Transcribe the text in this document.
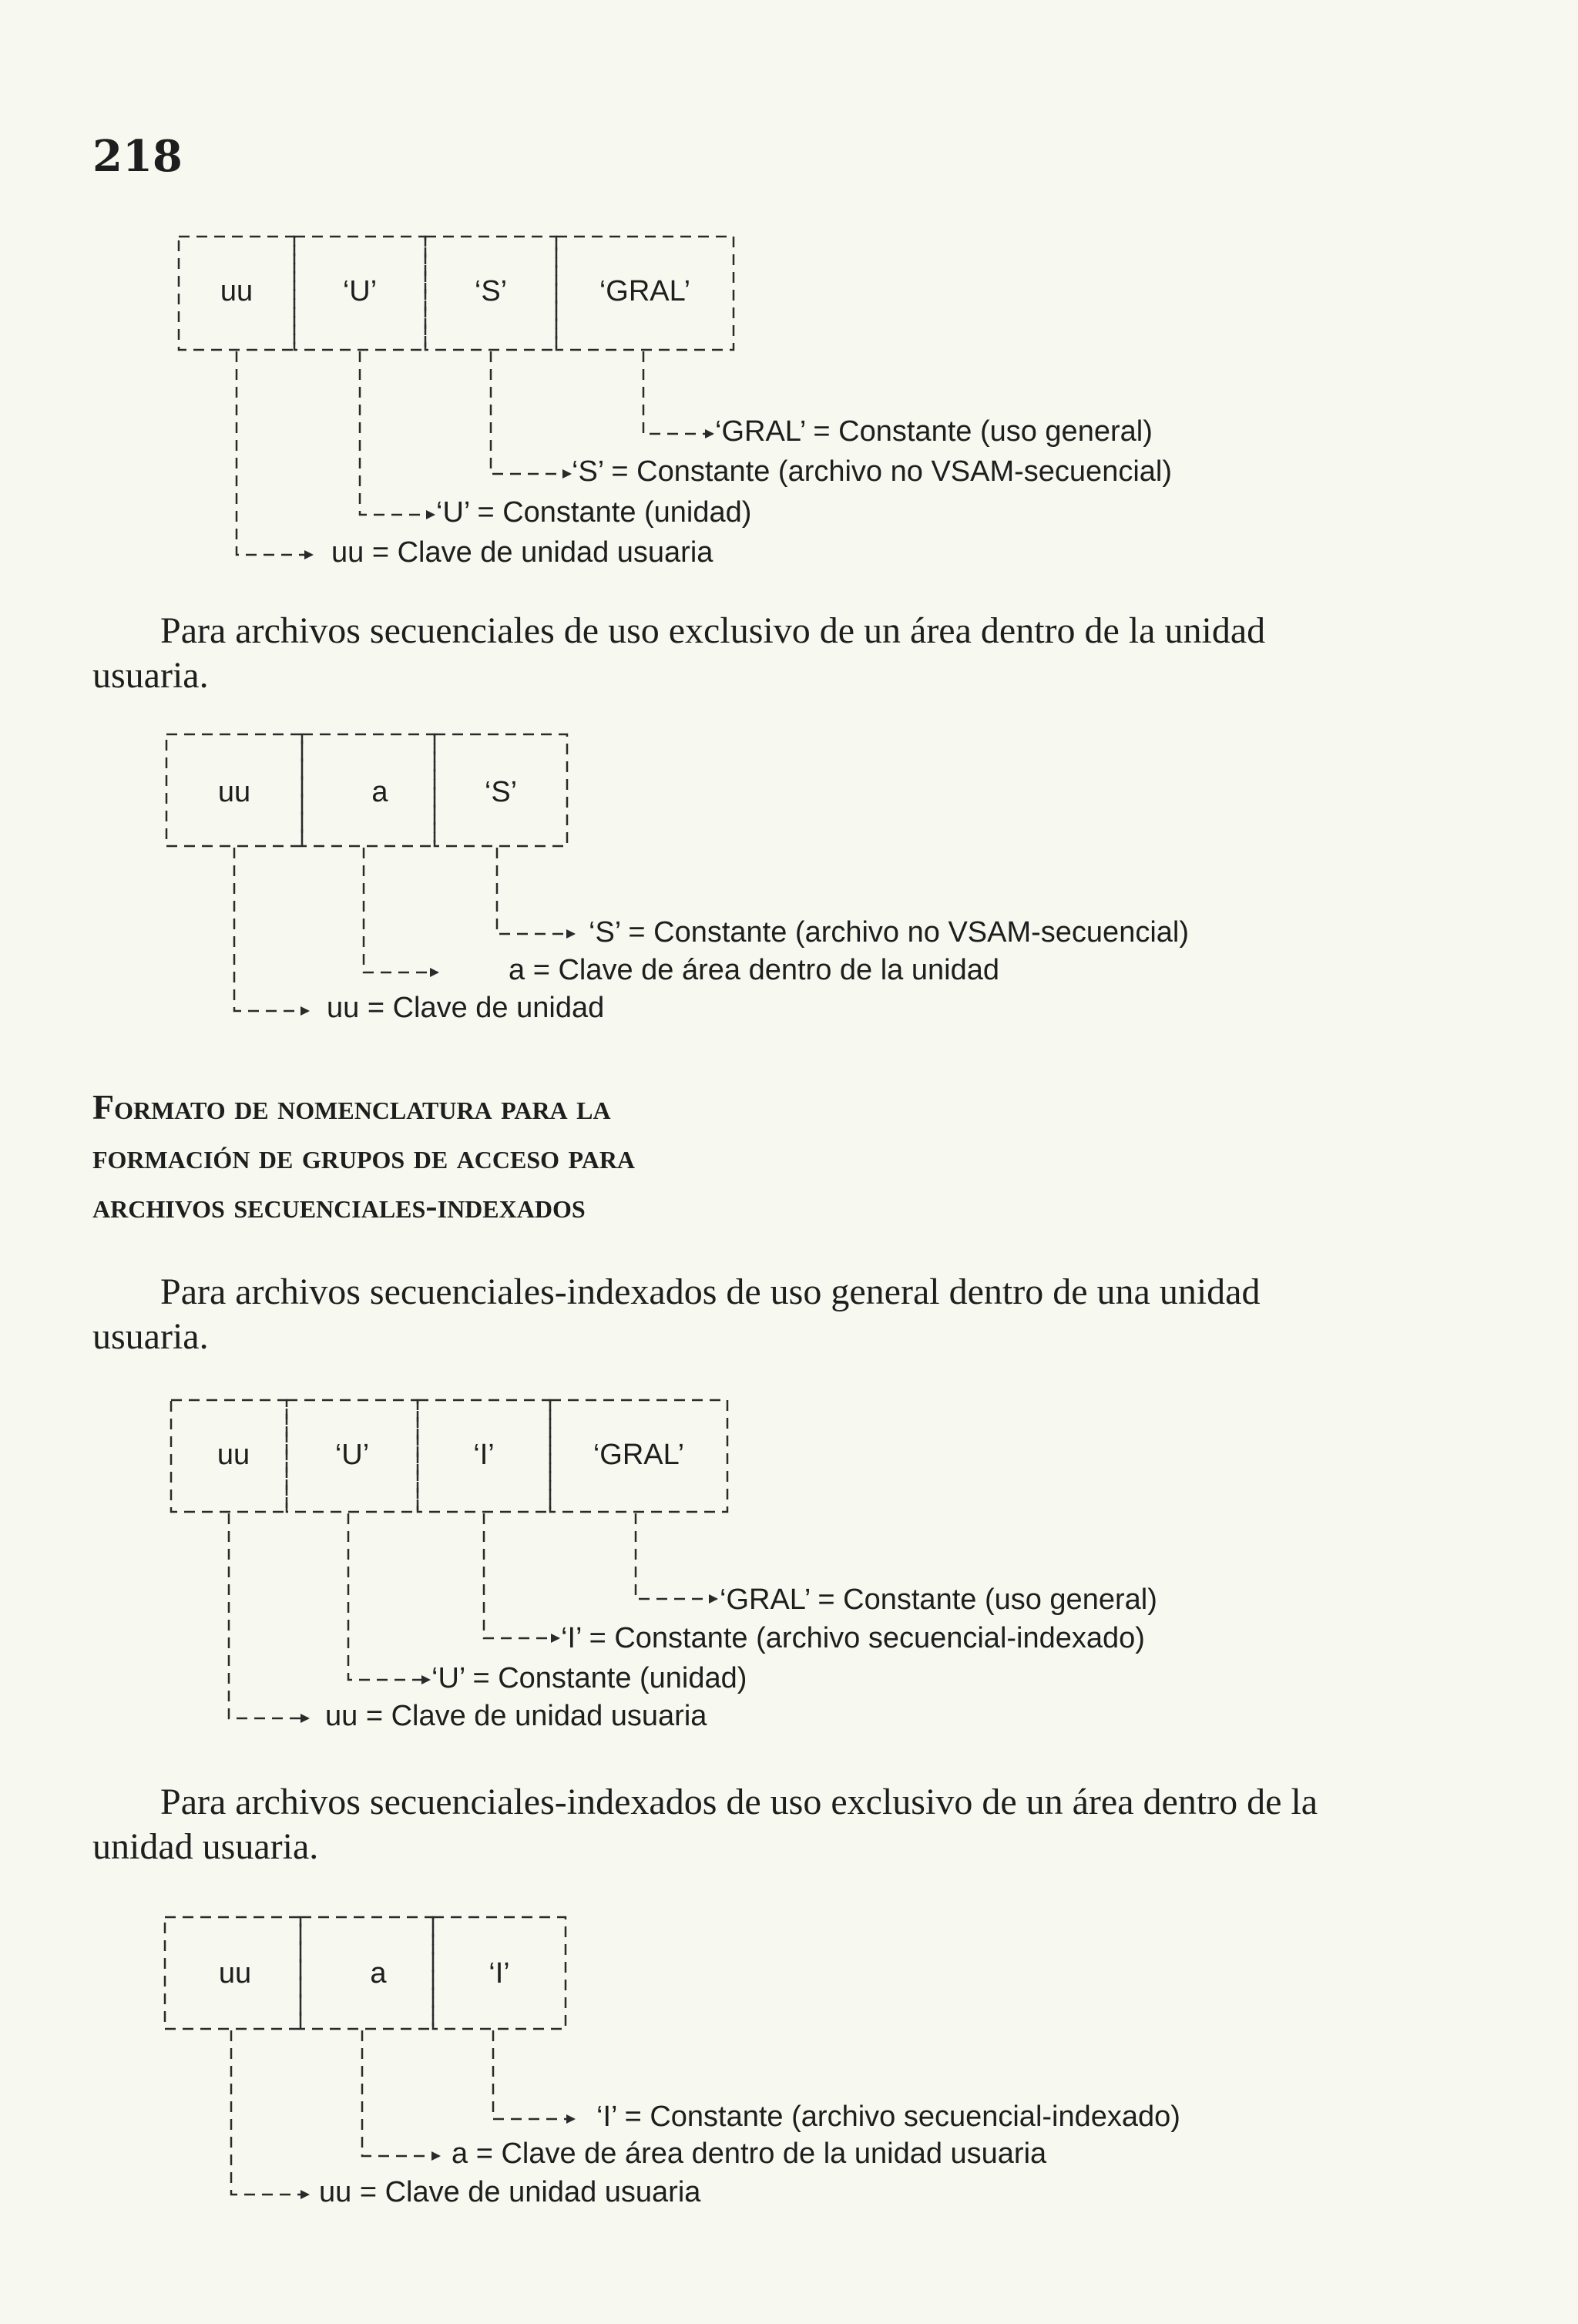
218
uu	‘U’	‘S’	‘GRAL’
‘GRAL’ = Constante (uso general)
‘S’ = Constante (archivo no VSAM-secuencial)
‘U’ = Constante (unidad)
uu = Clave de unidad usuaria
uu	a	‘S’
‘S’ = Constante (archivo no VSAM-secuencial)
a = Clave de área dentro de la unidad
uu = Clave de unidad
uu	‘U’	‘I’	‘GRAL’
‘GRAL’ = Constante (uso general)
‘I’ = Constante (archivo secuencial-indexado)
‘U’ = Constante (unidad)
uu = Clave de unidad usuaria
uu	a	‘I’
‘I’ = Constante (archivo secuencial-indexado)
a = Clave de área dentro de la unidad usuaria
uu = Clave de unidad usuaria

Para archivos secuenciales de uso exclusivo de un área dentro de la unidad usuaria.

Formato de nomenclatura para la
formación de grupos de acceso para
archivos secuenciales-indexados

Para archivos secuenciales-indexados de uso general dentro de una unidad usuaria.

Para archivos secuenciales-indexados de uso exclusivo de un área dentro de la unidad usuaria.
